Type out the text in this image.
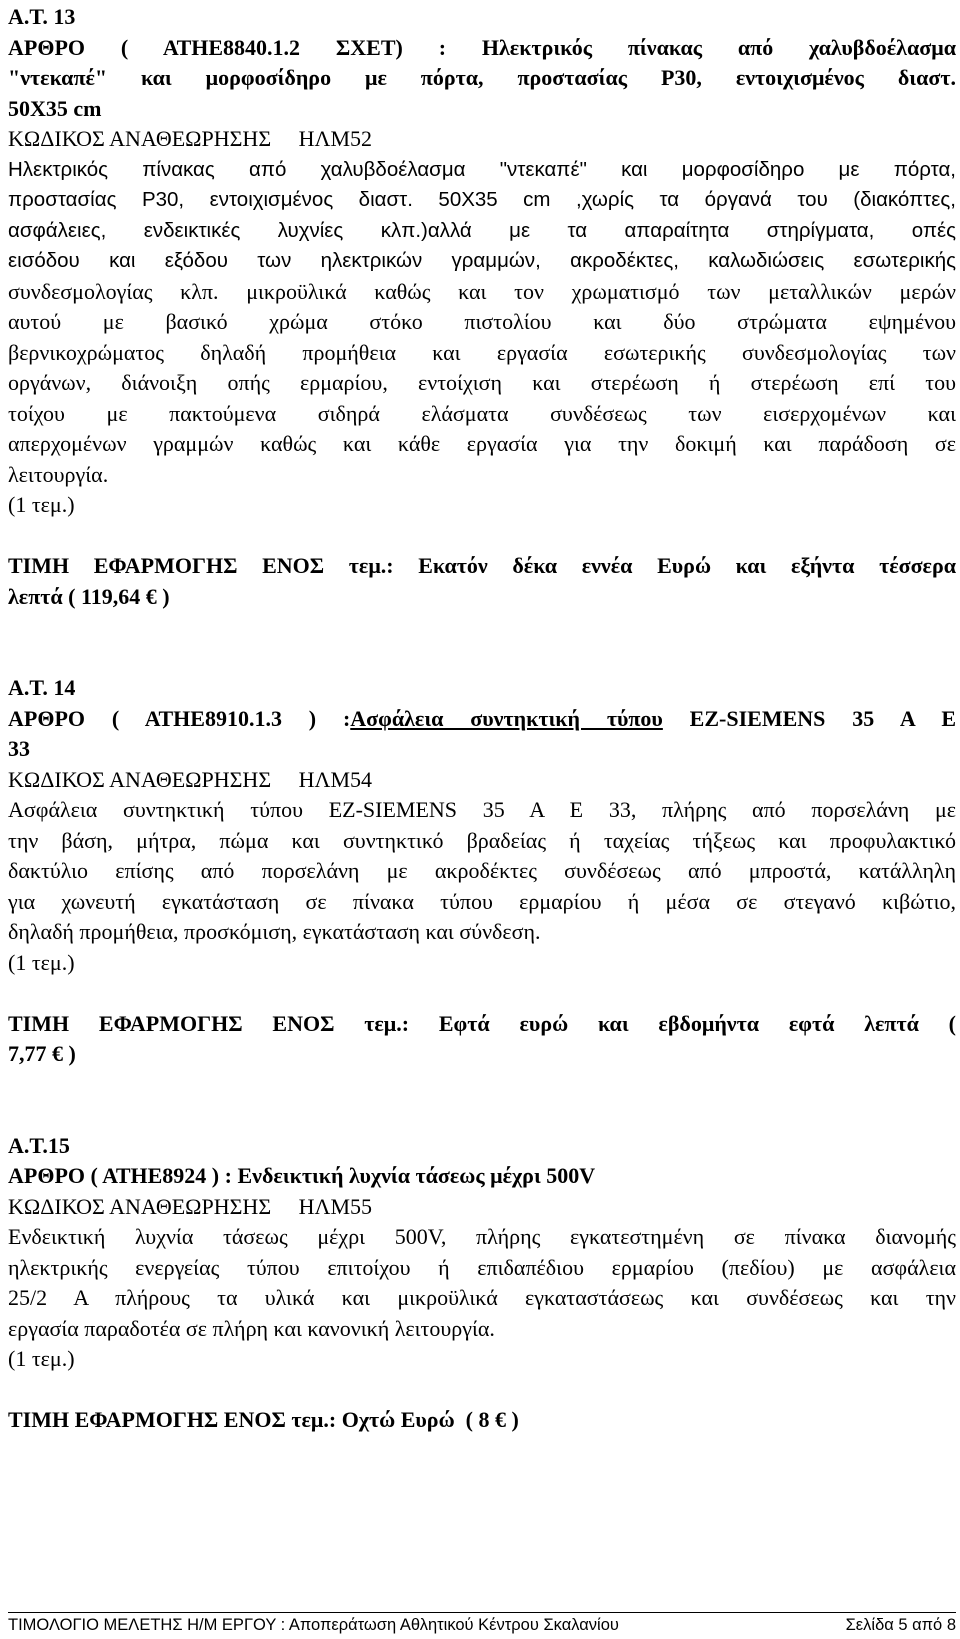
Α.Τ. 13
ΑΡΘΡΟ ( ΑΤΗΕ8840.1.2 ΣΧΕΤ) : Ηλεκτρικός πίνακας από χαλυβδοέλασμα
"ντεκαπέ" και μορφοσίδηρο με πόρτα, προστασίας P30, εντοιχισμένος διαστ.
50Χ35 cm
ΚΩΔΙΚΟΣ ΑΝΑΘΕΩΡΗΣΗΣ     ΗΛΜ52
Ηλεκτρικός πίνακας από χαλυβδοέλασμα "ντεκαπέ" και μορφοσίδηρο με πόρτα,
προστασίας P30, εντοιχισμένος διαστ. 50Χ35 cm ,χωρίς τα όργανά του (διακόπτες,
ασφάλειες, ενδεικτικές λυχνίες κλπ.)αλλά με τα απαραίτητα στηρίγματα, οπές
εισόδου και εξόδου των ηλεκτρικών γραμμών, ακροδέκτες, καλωδιώσεις εσωτερικής
συνδεσμολογίας κλπ. μικροϋλικά καθώς και τον χρωματισμό των μεταλλικών μερών
αυτού με βασικό χρώμα στόκο πιστολίου και δύο στρώματα εψημένου
βερνικοχρώματος δηλαδή προμήθεια και εργασία εσωτερικής συνδεσμολογίας των
οργάνων, διάνοιξη οπής ερμαρίου, εντοίχιση και στερέωση ή στερέωση επί του
τοίχου με πακτούμενα σιδηρά ελάσματα συνδέσεως των εισερχομένων και
απερχομένων γραμμών καθώς και κάθε εργασία για την δοκιμή και παράδοση σε
λειτουργία.
(1 τεμ.)
ΤΙΜΗ ΕΦΑΡΜΟΓΗΣ ΕΝΟΣ τεμ.: Εκατόν δέκα εννέα Ευρώ και εξήντα τέσσερα
λεπτά ( 119,64 € )
Α.Τ. 14
ΑΡΘΡΟ ( ΑΤΗΕ8910.1.3 ) :Ασφάλεια συντηκτική τύπου EZ-SIEMENS 35 A E
33
ΚΩΔΙΚΟΣ ΑΝΑΘΕΩΡΗΣΗΣ     ΗΛΜ54
Ασφάλεια συντηκτική τύπου EZ-SIEMENS 35 A E 33, πλήρης από πορσελάνη με
την βάση, μήτρα, πώμα και συντηκτικό βραδείας ή ταχείας τήξεως και προφυλακτικό
δακτύλιο επίσης από πορσελάνη με ακροδέκτες συνδέσεως από μπροστά, κατάλληλη
για χωνευτή εγκατάσταση σε πίνακα τύπου ερμαρίου ή μέσα σε στεγανό κιβώτιο,
δηλαδή προμήθεια, προσκόμιση, εγκατάσταση και σύνδεση.
(1 τεμ.)
ΤΙΜΗ ΕΦΑΡΜΟΓΗΣ ΕΝΟΣ τεμ.: Εφτά ευρώ και εβδομήντα εφτά λεπτά (
7,77 € )
Α.Τ.15
ΑΡΘΡΟ ( ΑΤΗΕ8924 ) : Ενδεικτική λυχνία τάσεως μέχρι 500V
ΚΩΔΙΚΟΣ ΑΝΑΘΕΩΡΗΣΗΣ     ΗΛΜ55
Ενδεικτική λυχνία τάσεως μέχρι 500V, πλήρης εγκατεστημένη σε πίνακα διανομής
ηλεκτρικής ενεργείας τύπου επιτοίχου ή επιδαπέδιου ερμαρίου (πεδίου) με ασφάλεια
25/2 Α πλήρους τα υλικά και μικροϋλικά εγκαταστάσεως και συνδέσεως και την
εργασία παραδοτέα σε πλήρη και κανονική λειτουργία.
(1 τεμ.)
ΤΙΜΗ ΕΦΑΡΜΟΓΗΣ ΕΝΟΣ τεμ.: Οχτώ Ευρώ  ( 8 € )
ΤΙΜΟΛΟΓΙΟ ΜΕΛΕΤΗΣ Η/Μ ΕΡΓΟΥ : Αποπεράτωση Αθλητικού Κέντρου Σκαλανίου	Σελίδα 5 από 8
